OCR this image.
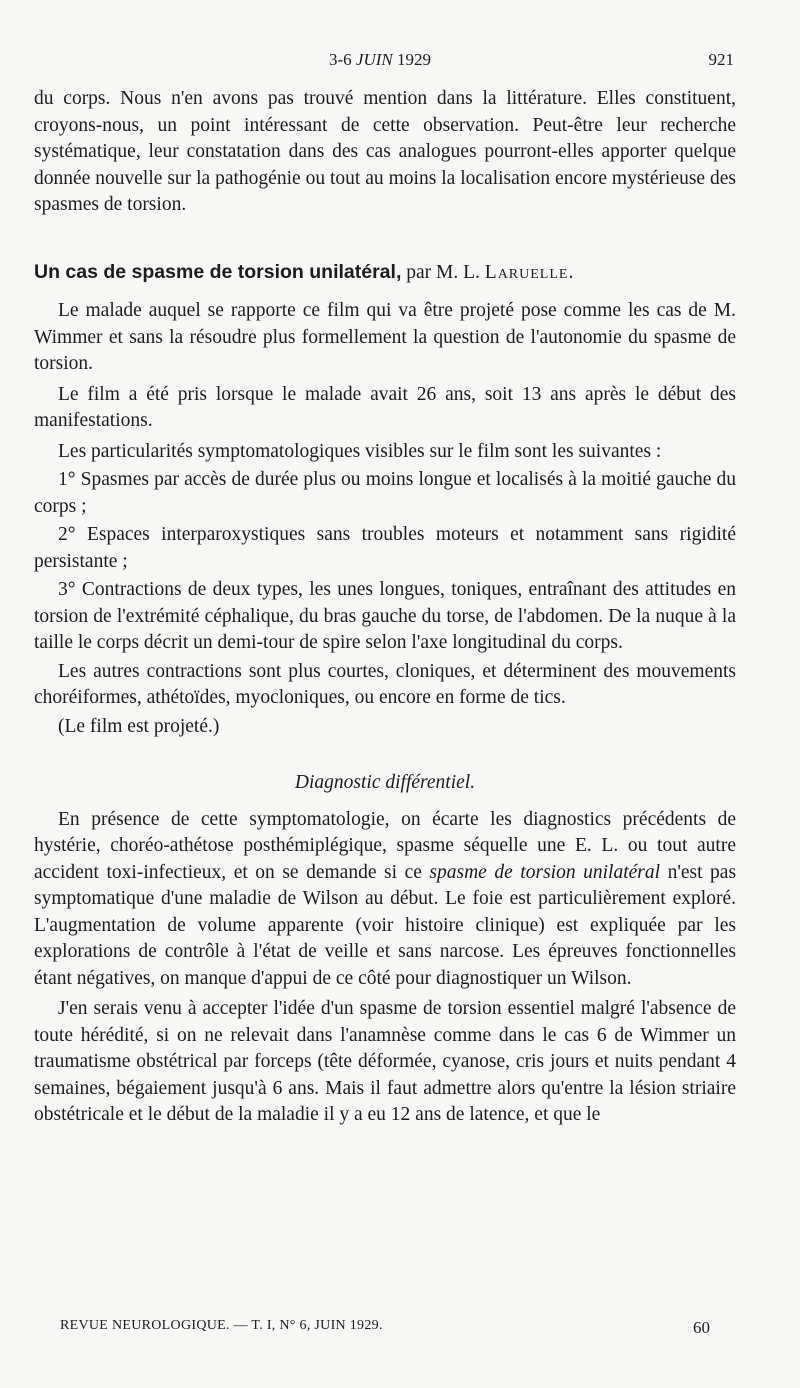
3-6 JUIN 1929	921

du corps. Nous n'en avons pas trouvé mention dans la littérature. Elles constituent, croyons-nous, un point intéressant de cette observation. Peut-être leur recherche systématique, leur constatation dans des cas analogues pourront-elles apporter quelque donnée nouvelle sur la pathogénie ou tout au moins la localisation encore mystérieuse des spasmes de torsion.

Un cas de spasme de torsion unilatéral, par M. L. Laruelle.

Le malade auquel se rapporte ce film qui va être projeté pose comme les cas de M. Wimmer et sans la résoudre plus formellement la question de l'autonomie du spasme de torsion.

Le film a été pris lorsque le malade avait 26 ans, soit 13 ans après le début des manifestations.

Les particularités symptomatologiques visibles sur le film sont les suivantes :

1° Spasmes par accès de durée plus ou moins longue et localisés à la moitié gauche du corps ;

2° Espaces interparoxystiques sans troubles moteurs et notamment sans rigidité persistante ;

3° Contractions de deux types, les unes longues, toniques, entraînant des attitudes en torsion de l'extrémité céphalique, du bras gauche du torse, de l'abdomen. De la nuque à la taille le corps décrit un demi-tour de spire selon l'axe longitudinal du corps.

Les autres contractions sont plus courtes, cloniques, et déterminent des mouvements choréiformes, athétoïdes, myocloniques, ou encore en forme de tics.

(Le film est projeté.)

Diagnostic différentiel.

En présence de cette symptomatologie, on écarte les diagnostics précédents de hystérie, choréo-athétose posthémiplégique, spasme séquelle une E. L. ou tout autre accident toxi-infectieux, et on se demande si ce spasme de torsion unilatéral n'est pas symptomatique d'une maladie de Wilson au début. Le foie est particulièrement exploré. L'augmentation de volume apparente (voir histoire clinique) est expliquée par les explorations de contrôle à l'état de veille et sans narcose. Les épreuves fonctionnelles étant négatives, on manque d'appui de ce côté pour diagnostiquer un Wilson.

J'en serais venu à accepter l'idée d'un spasme de torsion essentiel malgré l'absence de toute hérédité, si on ne relevait dans l'anamnèse comme dans le cas 6 de Wimmer un traumatisme obstétrical par forceps (tête déformée, cyanose, cris jours et nuits pendant 4 semaines, bégaiement jusqu'à 6 ans. Mais il faut admettre alors qu'entre la lésion striaire obstétricale et le début de la maladie il y a eu 12 ans de latence, et que le

REVUE NEUROLOGIQUE. — T. I, N° 6, JUIN 1929.	60
